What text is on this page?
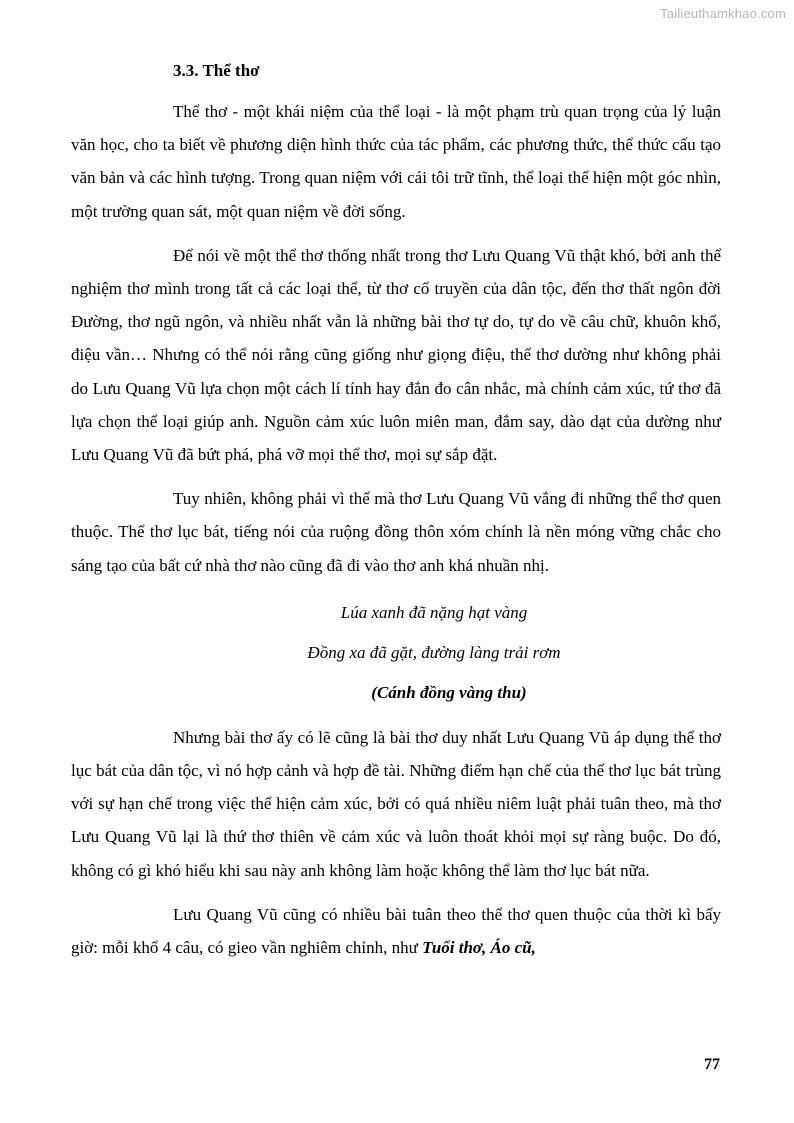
Tailieuthamkhao.com
3.3. Thể thơ

Thể thơ - một khái niệm của thể loại - là một phạm trù quan trọng của lý luận văn học, cho ta biết về phương diện hình thức của tác phẩm, các phương thức, thể thức cấu tạo văn bản và các hình tượng. Trong quan niệm với cái tôi trữ tĩnh, thể loại thể hiện một góc nhìn, một trường quan sát, một quan niệm về đời sống.

Để nói về một thể thơ thống nhất trong thơ Lưu Quang Vũ thật khó, bởi anh thể nghiệm thơ mình trong tất cả các loại thể, từ thơ cổ truyền của dân tộc, đến thơ thất ngôn đời Đường, thơ ngũ ngôn, và nhiều nhất vẫn là những bài thơ tự do, tự do về câu chữ, khuôn khổ, điệu vần… Nhưng có thể nói rằng cũng giống như giọng điệu, thể thơ dường như không phải do Lưu Quang Vũ lựa chọn một cách lí tính hay đắn đo cân nhắc, mà chính cảm xúc, tứ thơ đã lựa chọn thể loại giúp anh. Nguồn cảm xúc luôn miên man, đắm say, dào dạt của dường như Lưu Quang Vũ đã bứt phá, phá vỡ mọi thể thơ, mọi sự sắp đặt.

Tuy nhiên, không phải vì thế mà thơ Lưu Quang Vũ vắng đi những thể thơ quen thuộc. Thể thơ lục bát, tiếng nói của ruộng đồng thôn xóm chính là nền móng vững chắc cho sáng tạo của bất cứ nhà thơ nào cũng đã đi vào thơ anh khá nhuần nhị.

Lúa xanh đã nặng hạt vàng
Đồng xa đã gặt, đường làng trải rơm
(Cánh đồng vàng thu)

Nhưng bài thơ ấy có lẽ cũng là bài thơ duy nhất Lưu Quang Vũ áp dụng thể thơ lục bát của dân tộc, vì nó hợp cảnh và hợp đề tài. Những điểm hạn chế của thể thơ lục bát trùng với sự hạn chế trong việc thể hiện cảm xúc, bởi có quá nhiều niêm luật phải tuân theo, mà thơ Lưu Quang Vũ lại là thứ thơ thiên về cảm xúc và luôn thoát khỏi mọi sự ràng buộc. Do đó, không có gì khó hiểu khi sau này anh không làm hoặc không thể làm thơ lục bát nữa.

Lưu Quang Vũ cũng có nhiều bài tuân theo thể thơ quen thuộc của thời kì bấy giờ: mỗi khổ 4 câu, có gieo vần nghiêm chỉnh, như Tuổi thơ, Áo cũ,

77
